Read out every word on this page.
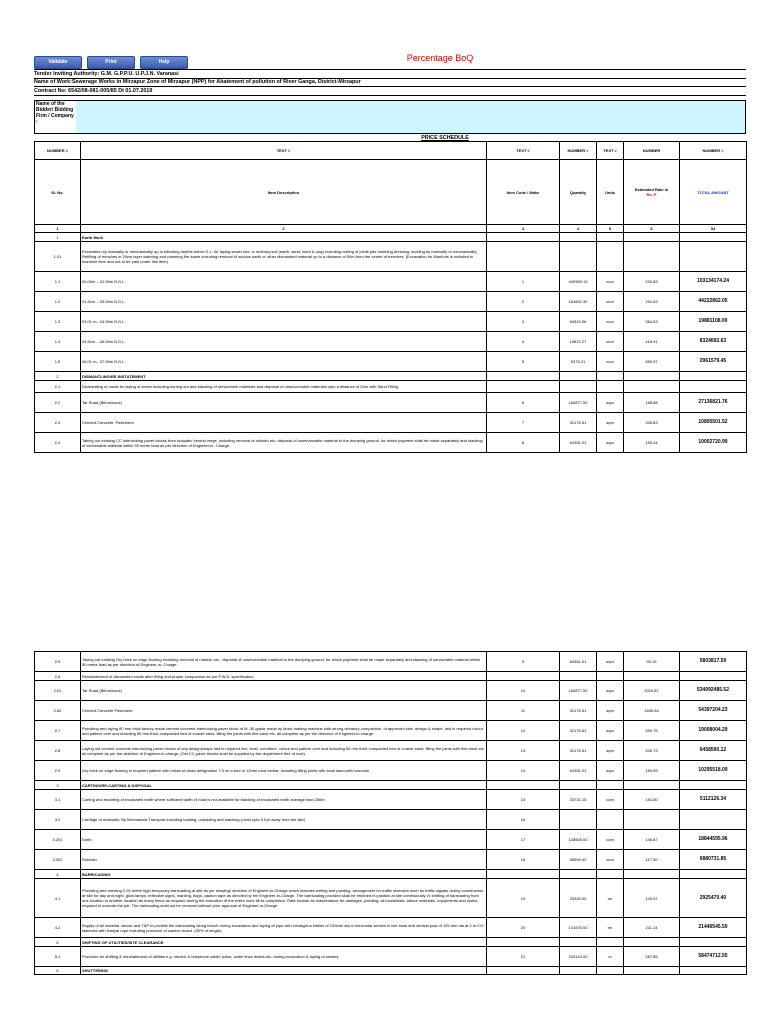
Validate	Print	Help	Percentage BoQ
Tender Inviting Authority: G.M. G.P.P.U. U.P.J.N. Varanasi
Name of Work:Sewerage Works in Mirzapur Zone of Mirzapur (NPP) for Abatement of pollution of River Ganga, District-Mirzapur
Contract No: 6542/08-081-005/85 Dt 01.07.2019
Name of the Bidder/ Bidding Firm / Company :
PRICE SCHEDULE
NUMBER #	TEXT #	TEXT #	NUMBER #	TEXT #	NUMBER	NUMBER #
Sl. No.	Item Description	Item Code / Make	Quantity	Units	Estimated Rate in
Rs. P	TOTAL AMOUNT
1	2	3	4	5	6	54
1	Earth Work					
1.01	Excavation by manually or mechanically up to following depths below G.L. for laying sewer line, in ordinary soil (earth, sand, loam & clay) including cutting of joints pits ramming dressing, leveling by manually or mechanically, Refilling of trenches in 20cm layer watering and ramming the same including removal of surplus earth or other dismantled material up to a distance of 50m from the centre of trenches. (Excavation for Manhole is included in manhole item and not to be paid under this item)					
1.1	00.00m – 01.50m B.G.L.	1	442959.13	cum	232.83	103134174.24
1.2	01.51m – 03.00m B.G.L.	2	151692.32	cum	291.53	44222862.05
1.3	03.01 m– 04.50m B.G.L.	3	54524.06	cum	364.63	19881108.00
1.4	04.51m – 06.00m B.G.L.	4	19872.27	cum	418.91	8324692.63
1.5	06.01 m– 07.50m B.G.L.	5	5375.21	cum	550.97	2961579.45
2	DISMANTLING/RE-INSTATEMENT					
2.1	Dismantling of roads for laying of sewer including sorting out and stacking of serviceable materials and disposal of unserviceable materials upto a distance of 50m with Sand Filling					
2.2	Tar Road (Bituminous)	6	160877.53	sqm	168.68	27136821.76
2.3	Cement Concrete. Pavement	7	32175.51	sqm	335.83	10805501.52
2.4	Taking out existing CC interlocking paver blocks from footpath/ central verge, including removal of rubbish etc, disposal of unserviceable material to the dumping ground, for which payment shall be made separately and stacking of serviceable material within 50 metre lead as per direction of Engineer-in- Charge.	8	64351.01	sqm	155.44	10002720.99
2.5	Taking out existing Dry brick on edge flooring including removal of rubbish etc., disposal of unserviceable material to the dumping ground, for which payment shall be made separately and stacking of serviceable material within 50 metre lead as per direction of Engineer-in- Charge.	9	64351.01	sqm	90.19	5803817.59
2.6	Reinstatement of dismantled roads after filling and proper compaction as per P.W.D. specification					
2.61	Tar Road (Bituminous)	10	160877.53	sqm	3319.87	534092485.52
2.62	Cement Concrete Pavement	11	32175.51	sqm	1690.64	54397204.23
2.7	Providing and laying 60 mm thick factory made cement concrete interlocking paver block of M -30 grade made by block making machine with strong vibratory compaction, of approved size, design & shape, laid in required colour and pattern over and including 50 mm thick compacted bed of coarse sand, filling the joints with fine sand etc. all complete as per the direction of Engineer-in-charge.	12	32175.51	sqm	590.76	19008004.29
2.8	Laying old cement concrete interlocking paver blocks of any design/shape laid in required line, level, curvature, colour and pattern over and including 50 mm thick compacted bed of coarse sand, filling the joints with fine sand etc. all complete as per the direction of Engineer-in-charge. (Old CC paver blocks shall be supplied by the department free of cost).	13	32175.51	sqm	200.73	6458590.12
2.9	Dry brick on edge flooring in required pattern with bricks of class designation 7.5 on a bed of 12mm mud mortar, including filling joints with local sand,with common	14	64351.01	sqm	159.99	10295518.09
3	CARTING/RE-CARTING & DISPOSAL					
3.1	Carting and recarting of excavated earth where sufficient width of road is not available for stacking of excavated earth average lead 250m	15	33721.15	cum	151.60	5112126.34
3.2	Carriage of materials: By Mechanical Transport including loading, unloading and stacking (Lead upto 5 Km away from the site)	16				
3.201	Earth	17	128508.00	cum	146.87	18844595.96
3.202	Rubbish	18	58559.42	cum	117.50	6880731.85
4	BARRICADING					
4.1	Providing and erecting 2.00 metre high temporary barricading at site as per drawing/ direction of Engineer-in-Charge which includes writing and painting, arrangement for traffic diversion such as traffic signals during construction at site for day and night, glow lamps, reflective signs, marking, flags, caution tape as directed by the Engineer-in-Charge. The barricading provided shall be retained in position at site continuously i/c shifting of barricading from one location to another location as many times as required during the execution of the entire work till its completion. Rate include its maintenance for damages, painting, all incidentals, labour materials, equipments and works required to execute the job. The barricading shall not be removed without prior approval of Engineer-in-Charge.	19	20320.00	rm	143.97	2925470.40
4.2	Supply of all material, labour and T&P to provide the barricading along trench during excavation and laying of pipe with eucalyptus ballies of 100mm dia in horizontal section in two rows and vertical post of 125 mm dia at 2 m C/C fastened with Nariyal rope including provision of caution board. (50% of length).	20	101575.00	rm	211.14	21446545.50
5	SHIFTING OF UTILITIES/SITE CLEARANCE					
5.1	Provision for shifting & reinstatement of utilities e.g. electric & telephone cable/ poles, water lines drains etc. during excavation & laying of sewers.	21	203143.00	m	287.85	58474712.55
6	SHUTTERING					
